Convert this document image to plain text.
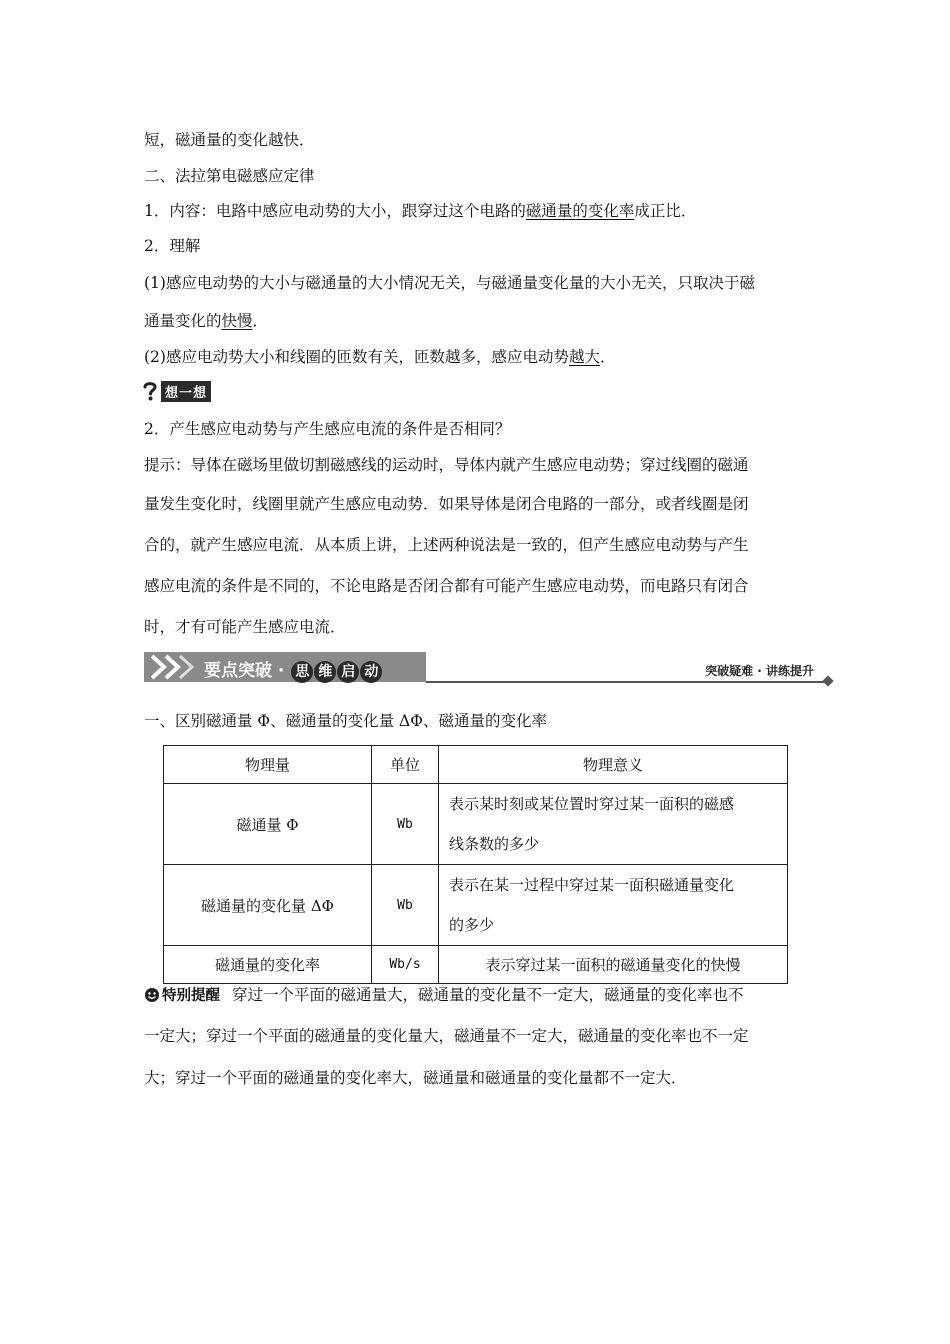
短，磁通量的变化越快．
二、法拉第电磁感应定律
1．内容：电路中感应电动势的大小，跟穿过这个电路的磁通量的变化率成正比．
2．理解
(1)感应电动势的大小与磁通量的大小情况无关，与磁通量变化量的大小无关，只取决于磁
通量变化的快慢．
(2)感应电动势大小和线圈的匝数有关，匝数越多，感应电动势越大．
想一想
2．产生感应电动势与产生感应电流的条件是否相同？
提示：导体在磁场里做切割磁感线的运动时，导体内就产生感应电动势；穿过线圈的磁通
量发生变化时，线圈里就产生感应电动势．如果导体是闭合电路的一部分，或者线圈是闭
合的，就产生感应电流．从本质上讲，上述两种说法是一致的，但产生感应电动势与产生
感应电流的条件是不同的，不论电路是否闭合都有可能产生感应电动势，而电路只有闭合
时，才有可能产生感应电流．
要点突破 · 思 维 启 动	突破疑难 · 讲练提升
一、区别磁通量 Φ、磁通量的变化量 ΔΦ、磁通量的变化率
物理量	单位	物理意义
磁通量 Φ	Wb	表示某时刻或某位置时穿过某一面积的磁感
线条数的多少

磁通量的变化量 ΔΦ	Wb	表示在某一过程中穿过某一面积磁通量变化
的多少

磁通量的变化率	Wb/s	表示穿过某一面积的磁通量变化的快慢
特别提醒 穿过一个平面的磁通量大，磁通量的变化量不一定大，磁通量的变化率也不
一定大；穿过一个平面的磁通量的变化量大，磁通量不一定大，磁通量的变化率也不一定
大；穿过一个平面的磁通量的变化率大，磁通量和磁通量的变化量都不一定大．
